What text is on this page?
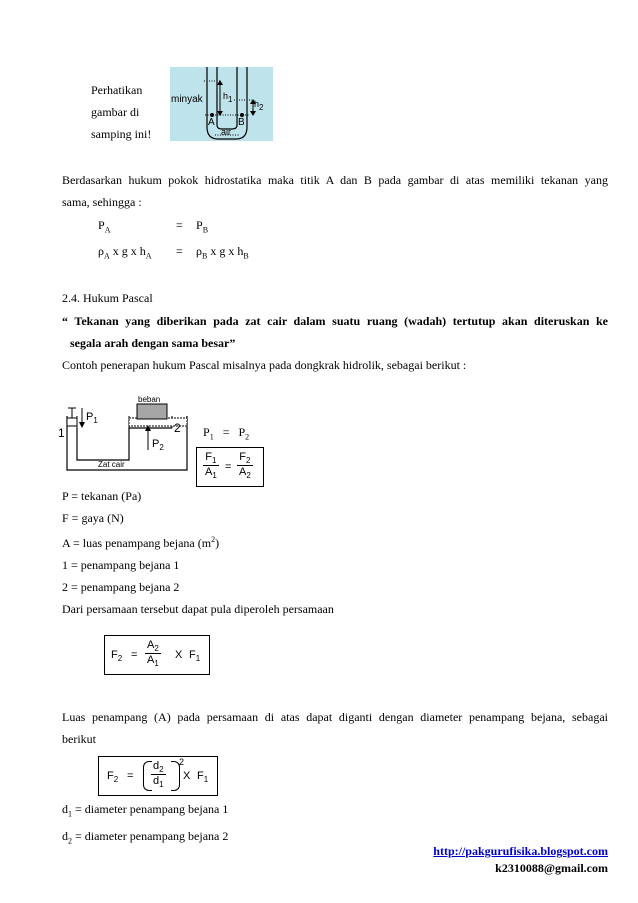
Perhatikan
gambar di
samping ini!
minyak $h_1$ $h_2$
A B
air
Berdasarkan hukum pokok hidrostatika maka titik A dan B pada gambar di atas memiliki tekanan yang
sama, sehingga :
$P_A$	= $P_B$
$\rho_A$ x g x $h_A = \rho_B$ x g x $h_B$
2.4. Hukum Pascal
“ Tekanan yang diberikan pada zat cair dalam suatu ruang (wadah) tertutup akan diteruskan ke
segala arah dengan sama besar”
Contoh penerapan hukum Pascal misalnya pada dongkrak hidrolik, sebagai berikut :
beban
$P_1$
$P_2$
1	2
Zat cair
$P_1 = P_2$
$\frac{F_1}{A_1} = \frac{F_2}{A_2}$
P = tekanan (Pa)
F = gaya (N)
A = luas penampang bejana $(m^2)$
1 = penampang bejana 1
2 = penampang bejana 2
Dari persamaan tersebut dapat pula diperoleh persamaan
$F_2 = \frac{A_2}{A_1}$ X $F_1$
Luas penampang (A) pada persamaan di atas dapat diganti dengan diameter penampang bejana, sebagai
berikut
$F_2 = \frac{d_2}{d_1} 2$
X $F_1$
$d_1$ = diameter penampang bejana 1
$d_2$ = diameter penampang bejana 2
http://pakgurufisika.blogspot.com
k2310088@gmail.com
